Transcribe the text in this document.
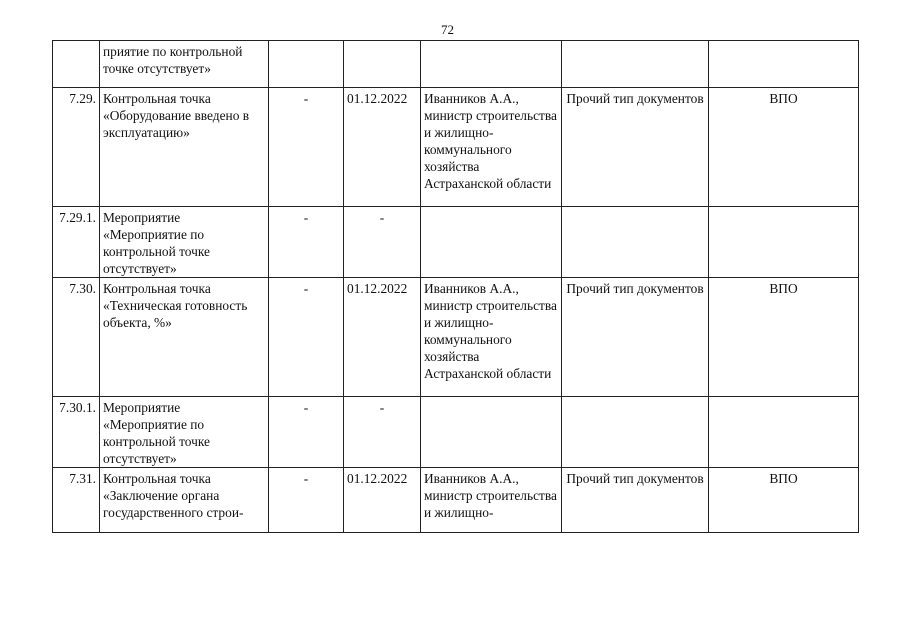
72
	приятие по контрольной точке отсутствует»					
7.29.	Контрольная точка «Оборудование введено в эксплуатацию»	-	01.12.2022	Иванников А.А., министр строительства и жилищно-коммунального хозяйства Астраханской области	Прочий тип документов	ВПО
7.29.1.	Мероприятие «Мероприятие по контрольной точке отсутствует»	-	-			
7.30.	Контрольная точка «Техническая готовность объекта, %»	-	01.12.2022	Иванников А.А., министр строительства и жилищно-коммунального хозяйства Астраханской области	Прочий тип документов	ВПО
7.30.1.	Мероприятие «Мероприятие по контрольной точке отсутствует»	-	-			
7.31.	Контрольная точка «Заключение органа государственного строи-	-	01.12.2022	Иванников А.А., министр строительства и жилищно-	Прочий тип документов	ВПО
